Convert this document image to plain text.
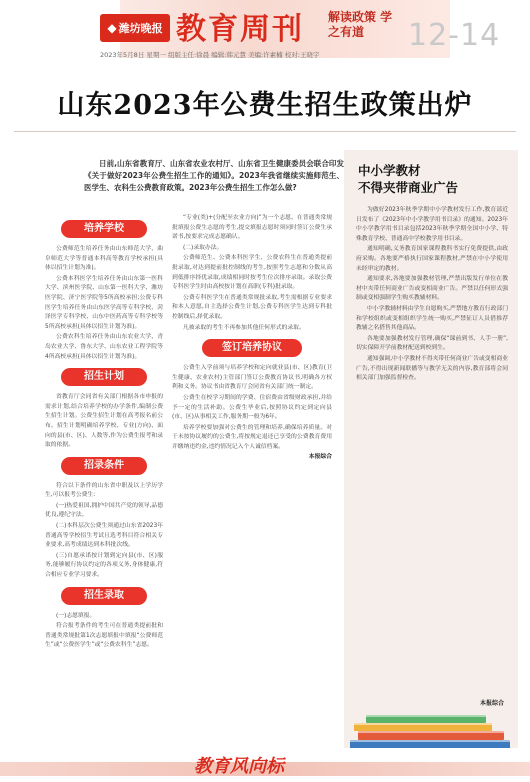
◆ 潍坊晚报 教育周刊 解读政策 学之有道	12-14
2023年5月8日 星期一 组版主任:徐晨 编辑:韩元慧 美编:许素楠 校对:王晓宇
山东2023年公费生招生政策出炉
日前,山东省教育厅、山东省农业农村厅、山东省卫生健康委员会联合印发《关于做好2023年公费生招生工作的通知》。2023年我省继续实施师范生、医学生、农科生公费教育政策。2023年公费生招生工作怎么做?
培养学校

公费师范生培养任务由山东师范大学、曲阜师范大学等普通本科高等教育学校承担(具体以招生计划为准)。

公费本科医学生培养任务由山东第一医科大学、滨州医学院、山东第一医科大学、潍坊医学院、济宁医学院等5所高校承担;公费专科医学生培养任务由山东医学高等专科学校、菏泽医学专科学校、山东中医药高等专科学校等5所高校承担(具体以招生计划为准)。

公费农科生培养任务由山东农业大学、青岛农业大学、鲁东大学、山东农业工程学院等4所高校承担(具体以招生计划为准)。

招生计划

省教育厅会同省有关部门根据各市申报的需求计划,结合培养学校的办学条件,编制公费生招生计划。公费生招生计划在高考报名前公布。招生计划明确培养学校、专业(方向)、面向的县(市、区)、人数等,作为公费生报考和录取的依据。

招录条件

符合以下条件的山东省中职及以上学历学生,可以报考公费生:

(一)热爱祖国,拥护中国共产党的领导,品德优良,遵纪守法。

(二)本科层次公费生须通过山东省2023年普通高等学校招生考试且选考科目符合相关专业要求,高考成绩达到本科批次线。

(三)自愿承诺按计划到定向县(市、区)服务,能够履行协议约定的各项义务,身体健康,符合相应专业学习要求。

招生录取

(一)志愿填报。

符合报考条件的考生可在普通类提前批和普通类常规批第1次志愿填报中填报“公费师范生”或“公费医学生”或“公费农科生”志愿。

“专业(类)+(分配至农业方向)”为一个志愿。在普通类常规批填报公费生志愿的考生,提交填报志愿时须同时签订公费生承诺书,按要求完成志愿确认。

(二)录取办法。

公费师范生、公费本科医学生、公费农科生在普通类提前批录取,对达到提前批控制线的考生,按照考生志愿和分数从高到低排序择优录取,成绩相同时按考生位次排序录取。录取公费专科医学生时由高校按计划在高职(专科)批录取。

公费专科医学生在普通类常规批录取,考生需根据专业要求和本人意愿,自主选择公费生计划,公费专科医学生达到专科批控制线后,择优录取。

凡被录取的考生不再参加其他任何形式的录取。

签订培养协议

公费生入学前须与培养学校和定向就业县(市、区)教育(卫生健康、农业农村)主管部门签订公费教育协议书,明确各方权利和义务。协议书由省教育厅会同省有关部门统一制定。

公费生在校学习期间的学费、住宿费由省级财政承担,并给予一定的生活补助。公费生毕业后,按照协议约定到定向县(市、区)从事相关工作,服务期一般为6年。

培养学校要加强对公费生的管理和培养,确保培养质量。对于未按协议履约的公费生,将按规定退还已享受的公费教育费用并缴纳违约金,违约情况记入个人诚信档案。

本报综合

中小学教材
不得夹带商业广告

为做好2023年秋季学期中小学教材发行工作,教育部近日发布了《2023年中小学教学用书目录》的通知。2023年中小学教学用书目录包括2023年秋季学期全国中小学、特殊教育学校、普通高中学校教学用书目录。

通知明确,义务教育国家课程教科书实行免费提供,由政府采购。各地要严格执行国家课程教材,严禁在中小学使用未经审定的教材。

通知要求,各地要加强教材管理,严禁出版发行单位在教材中夹带任何商业广告或变相商业广告。严禁以任何形式强制或变相强制学生购买教辅材料。

中小学教辅材料由学生自愿购买,严禁地方教育行政部门和学校组织或变相组织学生统一购买,严禁征订人员借推荐教辅之名搭售其他商品。

各地要加强教材发行管理,确保“课前到书、人手一册”,切实保障开学前教材配送到校到生。

通知强调,中小学教材不得夹带任何商业广告或变相商业广告,不得出现新闻联播等与教学无关的内容,教育部将会同相关部门加强监督检查。

本报综合
教育风向标
